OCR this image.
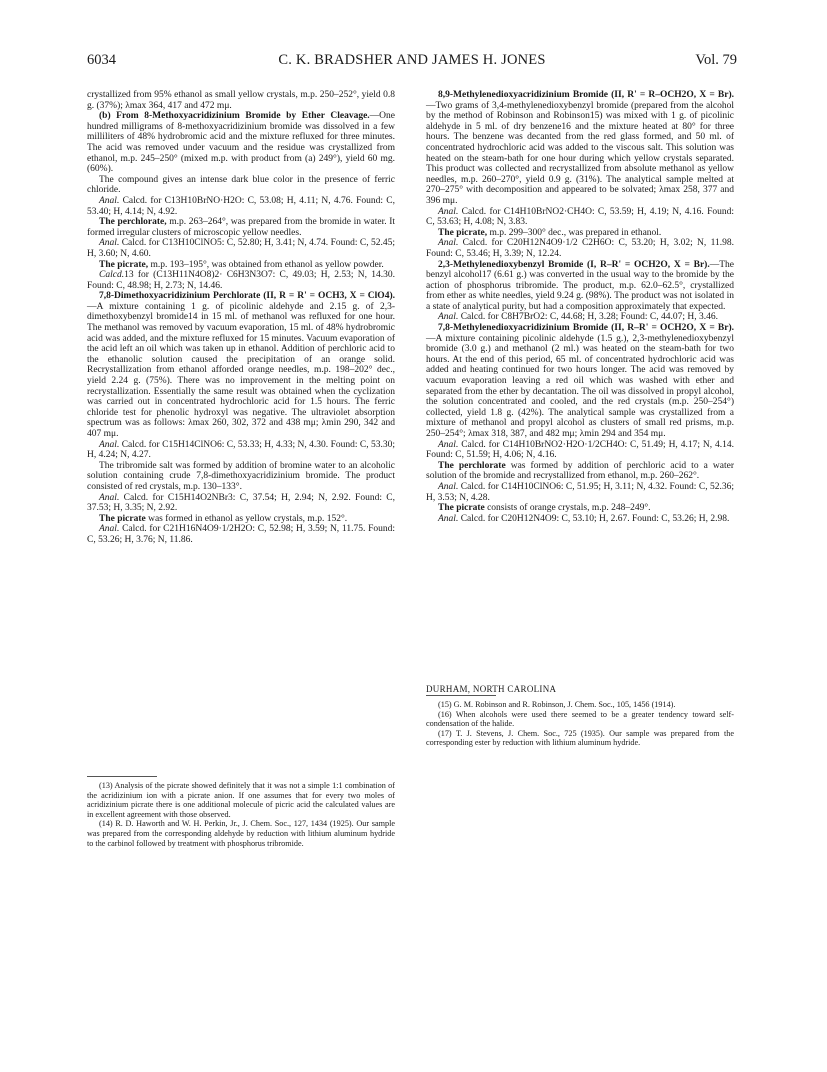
6034	C. K. BRADSHER AND JAMES H. JONES	Vol. 79

crystallized from 95% ethanol as small yellow crystals, m.p. 250–252°, yield 0.8 g. (37%); λmax 364, 417 and 472 mμ.

(b) From 8-Methoxyacridizinium Bromide by Ether Cleavage.—One hundred milligrams of 8-methoxyacridizinium bromide was dissolved in a few milliliters of 48% hydrobromic acid and the mixture refluxed for three minutes. The acid was removed under vacuum and the residue was crystallized from ethanol, m.p. 245–250° (mixed m.p. with product from (a) 249°), yield 60 mg. (60%).

The compound gives an intense dark blue color in the presence of ferric chloride.

Anal. Calcd. for C13H10BrNO·H2O: C, 53.08; H, 4.11; N, 4.76. Found: C, 53.40; H, 4.14; N, 4.92.

The perchlorate, m.p. 263–264°, was prepared from the bromide in water. It formed irregular clusters of microscopic yellow needles.

Anal. Calcd. for C13H10ClNO5: C, 52.80; H, 3.41; N, 4.74. Found: C, 52.45; H, 3.60; N, 4.60.

The picrate, m.p. 193–195°, was obtained from ethanol as yellow powder.

Calcd.13 for (C13H11N4O8)2· C6H3N3O7: C, 49.03; H, 2.53; N, 14.30. Found: C, 48.98; H, 2.73; N, 14.46.

7,8-Dimethoxyacridizinium Perchlorate (II, R = R' = OCH3, X = ClO4).—A mixture containing 1 g. of picolinic aldehyde and 2.15 g. of 2,3-dimethoxybenzyl bromide14 in 15 ml. of methanol was refluxed for one hour. The methanol was removed by vacuum evaporation, 15 ml. of 48% hydrobromic acid was added, and the mixture refluxed for 15 minutes. Vacuum evaporation of the acid left an oil which was taken up in ethanol. Addition of perchloric acid to the ethanolic solution caused the precipitation of an orange solid. Recrystallization from ethanol afforded orange needles, m.p. 198–202° dec., yield 2.24 g. (75%). There was no improvement in the melting point on recrystallization. Essentially the same result was obtained when the cyclization was carried out in concentrated hydrochloric acid for 1.5 hours. The ferric chloride test for phenolic hydroxyl was negative. The ultraviolet absorption spectrum was as follows: λmax 260, 302, 372 and 438 mμ; λmin 290, 342 and 407 mμ.

Anal. Calcd. for C15H14ClNO6: C, 53.33; H, 4.33; N, 4.30. Found: C, 53.30; H, 4.24; N, 4.27.

The tribromide salt was formed by addition of bromine water to an alcoholic solution containing crude 7,8-dimethoxyacridizinium bromide. The product consisted of red crystals, m.p. 130–133°.

Anal. Calcd. for C15H14O2NBr3: C, 37.54; H, 2.94; N, 2.92. Found: C, 37.53; H, 3.35; N, 2.92.

The picrate was formed in ethanol as yellow crystals, m.p. 152°.

Anal. Calcd. for C21H16N4O9·1/2H2O: C, 52.98; H, 3.59; N, 11.75. Found: C, 53.26; H, 3.76; N, 11.86.

8,9-Methylenedioxyacridizinium Bromide (II, R' = R–OCH2O, X = Br).—Two grams of 3,4-methylenedioxybenzyl bromide (prepared from the alcohol by the method of Robinson and Robinson15) was mixed with 1 g. of picolinic aldehyde in 5 ml. of dry benzene16 and the mixture heated at 80° for three hours. The benzene was decanted from the red glass formed, and 50 ml. of concentrated hydrochloric acid was added to the viscous salt. This solution was heated on the steam-bath for one hour during which yellow crystals separated. This product was collected and recrystallized from absolute methanol as yellow needles, m.p. 260–270°, yield 0.9 g. (31%). The analytical sample melted at 270–275° with decomposition and appeared to be solvated; λmax 258, 377 and 396 mμ.

Anal. Calcd. for C14H10BrNO2·CH4O: C, 53.59; H, 4.19; N, 4.16. Found: C, 53.63; H, 4.08; N, 3.83.

The picrate, m.p. 299–300° dec., was prepared in ethanol.

Anal. Calcd. for C20H12N4O9·1/2 C2H6O: C, 53.20; H, 3.02; N, 11.98. Found: C, 53.46; H, 3.39; N, 12.24.

2,3-Methylenedioxybenzyl Bromide (I, R–R' = OCH2O, X = Br).—The benzyl alcohol17 (6.61 g.) was converted in the usual way to the bromide by the action of phosphorus tribromide. The product, m.p. 62.0–62.5°, crystallized from ether as white needles, yield 9.24 g. (98%). The product was not isolated in a state of analytical purity, but had a composition approximately that expected.

Anal. Calcd. for C8H7BrO2: C, 44.68; H, 3.28; Found: C, 44.07; H, 3.46.

7,8-Methylenedioxyacridizinium Bromide (II, R–R' = OCH2O, X = Br).—A mixture containing picolinic aldehyde (1.5 g.), 2,3-methylenedioxybenzyl bromide (3.0 g.) and methanol (2 ml.) was heated on the steam-bath for two hours. At the end of this period, 65 ml. of concentrated hydrochloric acid was added and heating continued for two hours longer. The acid was removed by vacuum evaporation leaving a red oil which was washed with ether and separated from the ether by decantation. The oil was dissolved in propyl alcohol, the solution concentrated and cooled, and the red crystals (m.p. 250–254°) collected, yield 1.8 g. (42%). The analytical sample was crystallized from a mixture of methanol and propyl alcohol as clusters of small red prisms, m.p. 250–254°; λmax 318, 387, and 482 mμ; λmin 294 and 354 mμ.

Anal. Calcd. for C14H10BrNO2·H2O·1/2CH4O: C, 51.49; H, 4.17; N, 4.14. Found: C, 51.59; H, 4.06; N, 4.16.

The perchlorate was formed by addition of perchloric acid to a water solution of the bromide and recrystallized from ethanol, m.p. 260–262°.

Anal. Calcd. for C14H10ClNO6: C, 51.95; H, 3.11; N, 4.32. Found: C, 52.36; H, 3.53; N, 4.28.

The picrate consists of orange crystals, m.p. 248–249°.

Anal. Calcd. for C20H12N4O9: C, 53.10; H, 2.67. Found: C, 53.26; H, 2.98.

DURHAM, NORTH CAROLINA

(13) Analysis of the picrate showed definitely that it was not a simple 1:1 combination of the acridizinium ion with a picrate anion. If one assumes that for every two moles of acridizinium picrate there is one additional molecule of picric acid the calculated values are in excellent agreement with those observed.

(14) R. D. Haworth and W. H. Perkin, Jr., J. Chem. Soc., 127, 1434 (1925). Our sample was prepared from the corresponding aldehyde by reduction with lithium aluminum hydride to the carbinol followed by treatment with phosphorus tribromide.

(15) G. M. Robinson and R. Robinson, J. Chem. Soc., 105, 1456 (1914).

(16) When alcohols were used there seemed to be a greater tendency toward self-condensation of the halide.

(17) T. J. Stevens, J. Chem. Soc., 725 (1935). Our sample was prepared from the corresponding ester by reduction with lithium aluminum hydride.
